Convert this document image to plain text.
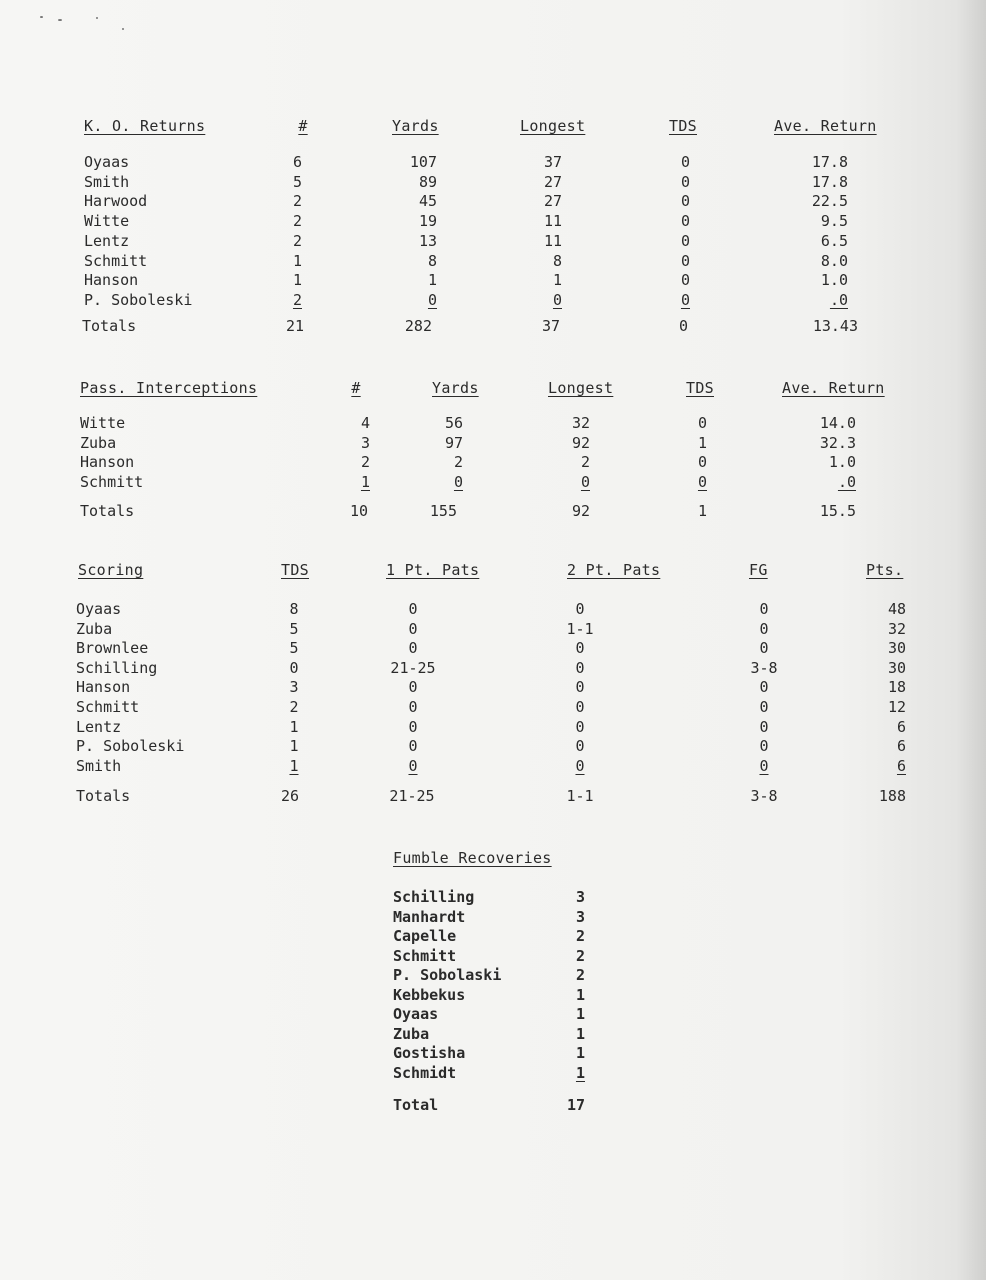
K. O. Returns	#	Yards	Longest	TDS	Ave. Return
Oyaas	6	107	37	0	17.8
Smith	5	89	27	0	17.8
Harwood	2	45	27	0	22.5
Witte	2	19	11	0	9.5
Lentz	2	13	11	0	6.5
Schmitt	1	8	8	0	8.0
Hanson	1	1	1	0	1.0
P. Soboleski	2	0	0	0	.0
Totals	21	282	37	0	13.43
Pass. Interceptions	#	Yards	Longest	TDS	Ave. Return
Witte	4	56	32	0	14.0
Zuba	3	97	92	1	32.3
Hanson	2	2	2	0	1.0
Schmitt	1	0	0	0	.0
Totals	10	155	92	1	15.5
Scoring	TDS	1 Pt. Pats	2 Pt. Pats	FG	Pts.
Oyaas	8	0	0	0	48
Zuba	5	0	1-1	0	32
Brownlee	5	0	0	0	30
Schilling	0	21-25	0	3-8	30
Hanson	3	0	0	0	18
Schmitt	2	0	0	0	12
Lentz	1	0	0	0	6
P. Soboleski	1	0	0	0	6
Smith	1	0	0	0	6
Totals	26	21-25	1-1	3-8	188
Fumble Recoveries
Schilling	3
Manhardt	3
Capelle	2
Schmitt	2
P. Sobolaski	2
Kebbekus	1
Oyaas	1
Zuba	1
Gostisha	1
Schmidt	1
Total	17
